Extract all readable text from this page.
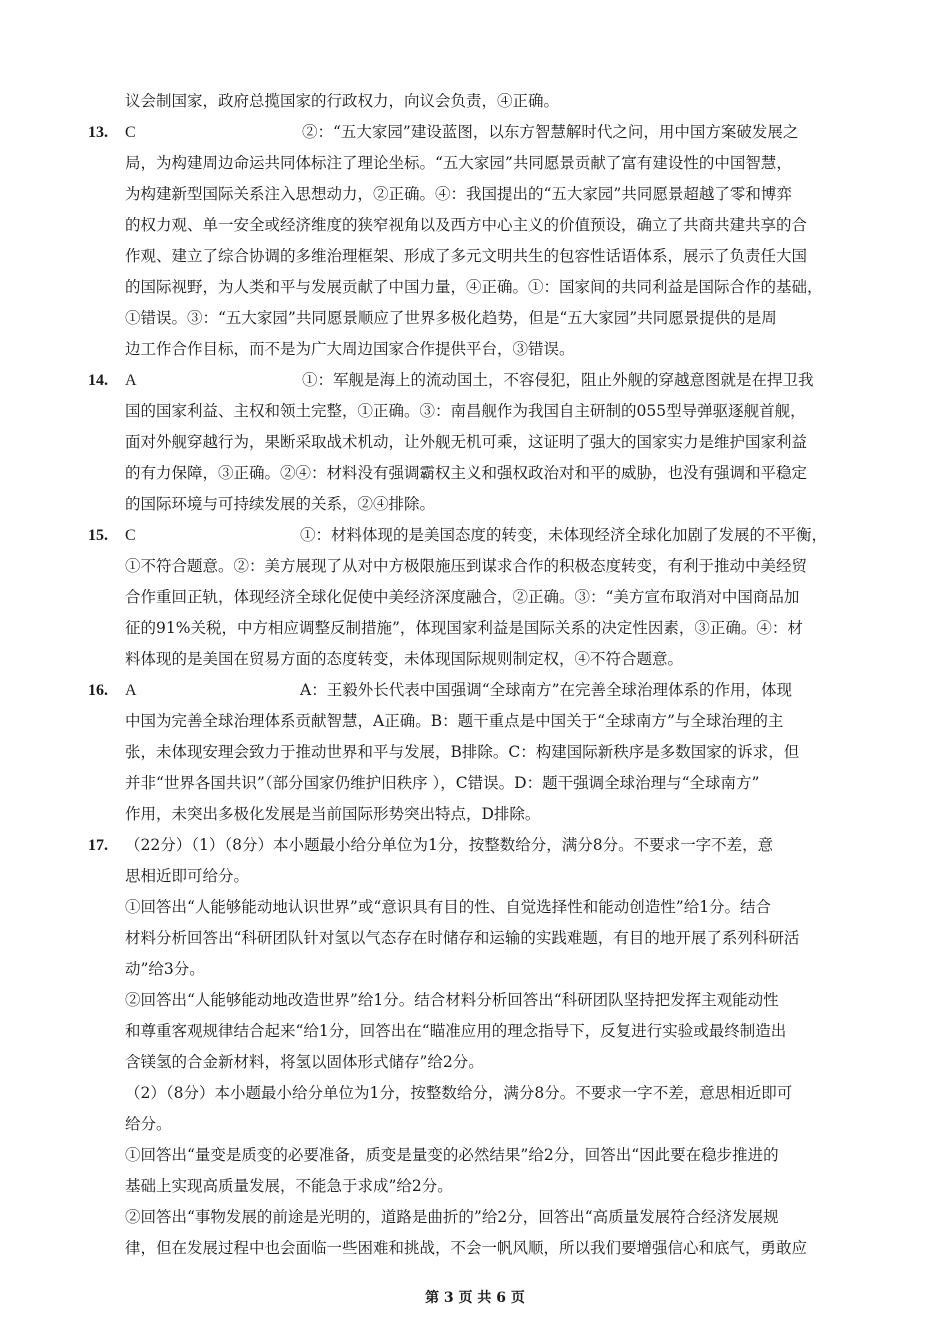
议会制国家，政府总揽国家的行政权力，向议会负责，④正确。
13. C	②：“五大家园”建设蓝图，以东方智慧解时代之问，用中国方案破发展之
局，为构建周边命运共同体标注了理论坐标。“五大家园”共同愿景贡献了富有建设性的中国智慧，
为构建新型国际关系注入思想动力，②正确。④：我国提出的“五大家园”共同愿景超越了零和博弈
的权力观、单一安全或经济维度的狭窄视角以及西方中心主义的价值预设，确立了共商共建共享的合
作观、建立了综合协调的多维治理框架、形成了多元文明共生的包容性话语体系，展示了负责任大国
的国际视野，为人类和平与发展贡献了中国力量，④正确。①：国家间的共同利益是国际合作的基础，
①错误。③：“五大家园”共同愿景顺应了世界多极化趋势，但是“五大家园”共同愿景提供的是周
边工作合作目标，而不是为广大周边国家合作提供平台，③错误。
14. A	①：军舰是海上的流动国土，不容侵犯，阻止外舰的穿越意图就是在捍卫我
国的国家利益、主权和领土完整，①正确。③：南昌舰作为我国自主研制的055型导弹驱逐舰首舰，
面对外舰穿越行为，果断采取战术机动，让外舰无机可乘，这证明了强大的国家实力是维护国家利益
的有力保障，③正确。②④：材料没有强调霸权主义和强权政治对和平的威胁，也没有强调和平稳定
的国际环境与可持续发展的关系，②④排除。
15. C	①：材料体现的是美国态度的转变，未体现经济全球化加剧了发展的不平衡，
①不符合题意。②：美方展现了从对中方极限施压到谋求合作的积极态度转变，有利于推动中美经贸
合作重回正轨，体现经济全球化促使中美经济深度融合，②正确。③：“美方宣布取消对中国商品加
征的91%关税，中方相应调整反制措施”，体现国家利益是国际关系的决定性因素，③正确。④：材
料体现的是美国在贸易方面的态度转变，未体现国际规则制定权，④不符合题意。
16. A	A：王毅外长代表中国强调“全球南方”在完善全球治理体系的作用，体现
中国为完善全球治理体系贡献智慧，A正确。B：题干重点是中国关于“全球南方”与全球治理的主
张，未体现安理会致力于推动世界和平与发展，B排除。C：构建国际新秩序是多数国家的诉求，但
并非“世界各国共识”（部分国家仍维护旧秩序 ），C错误。D：题干强调全球治理与“全球南方”
作用，未突出多极化发展是当前国际形势突出特点，D排除。
17. （22分）（1）（8分）本小题最小给分单位为1分，按整数给分，满分8分。不要求一字不差，意
思相近即可给分。
①回答出“人能够能动地认识世界”或“意识具有目的性、自觉选择性和能动创造性”给1分。结合
材料分析回答出“科研团队针对氢以气态存在时储存和运输的实践难题，有目的地开展了系列科研活
动”给3分。
②回答出“人能够能动地改造世界”给1分。结合材料分析回答出“科研团队坚持把发挥主观能动性
和尊重客观规律结合起来“给1分，回答出在“瞄准应用的理念指导下，反复进行实验或最终制造出
含镁氢的合金新材料，将氢以固体形式储存”给2分。
（2）（8分）本小题最小给分单位为1分，按整数给分，满分8分。不要求一字不差，意思相近即可
给分。
①回答出“量变是质变的必要准备，质变是量变的必然结果”给2分，回答出“因此要在稳步推进的
基础上实现高质量发展，不能急于求成”给2分。
②回答出“事物发展的前途是光明的，道路是曲折的”给2分，回答出“高质量发展符合经济发展规
律，但在发展过程中也会面临一些困难和挑战，不会一帆风顺，所以我们要增强信心和底气，勇敢应
第 3 页 共 6 页
